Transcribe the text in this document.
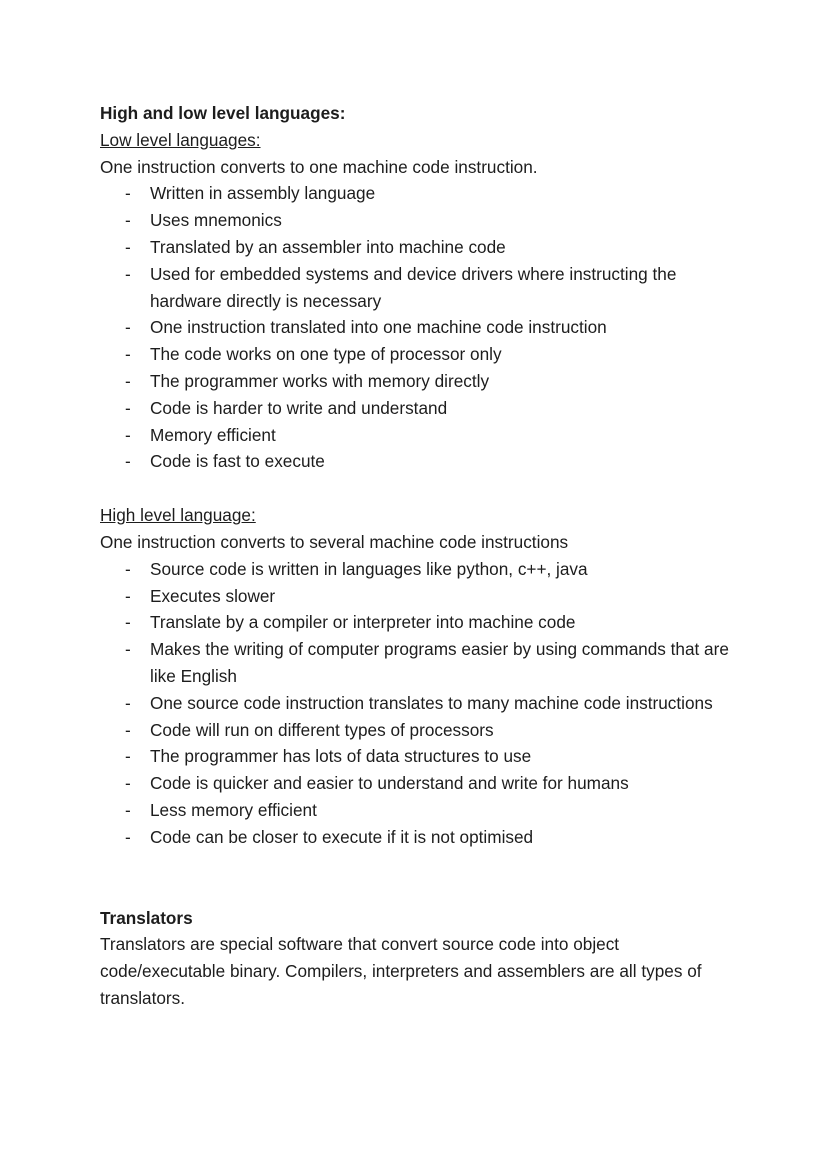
High and low level languages:

Low level languages:

One instruction converts to one machine code instruction.

- Written in assembly language
- Uses mnemonics
- Translated by an assembler into machine code
- Used for embedded systems and device drivers where instructing the hardware directly is necessary
- One instruction translated into one machine code instruction
- The code works on one type of processor only
- The programmer works with memory directly
- Code is harder to write and understand
- Memory efficient
- Code is fast to execute

High level language:

One instruction converts to several machine code instructions

- Source code is written in languages like python, c++, java
- Executes slower
- Translate by a compiler or interpreter into machine code
- Makes the writing of computer programs easier by using commands that are like English
- One source code instruction translates to many machine code instructions
- Code will run on different types of processors
- The programmer has lots of data structures to use
- Code is quicker and easier to understand and write for humans
- Less memory efficient
- Code can be closer to execute if it is not optimised

Translators

Translators are special software that convert source code into object code/executable binary. Compilers, interpreters and assemblers are all types of translators.
